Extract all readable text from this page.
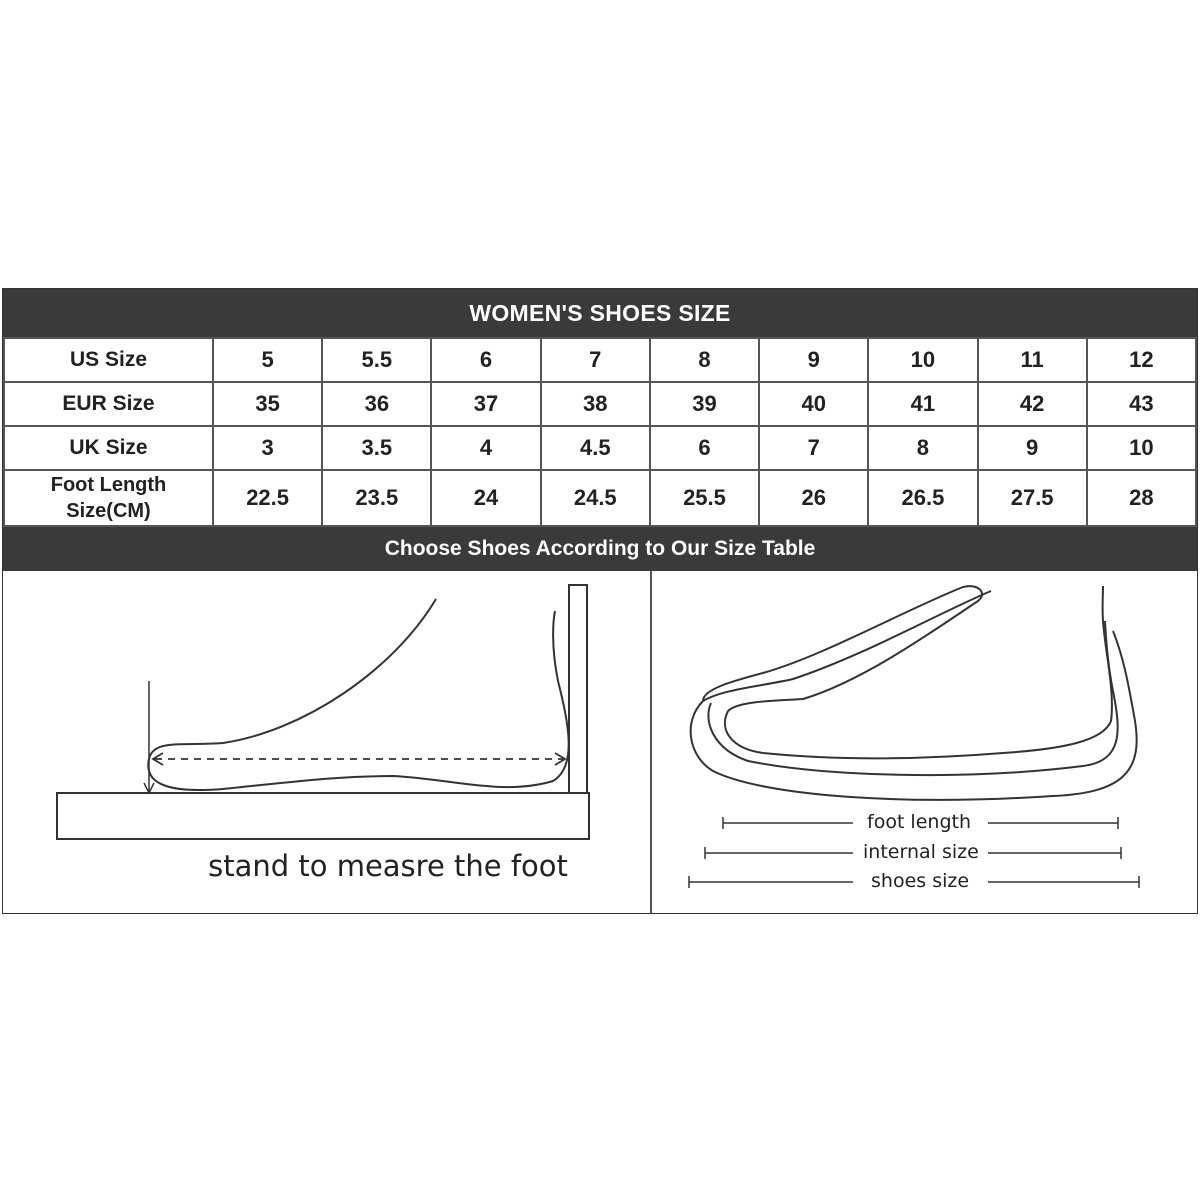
WOMEN'S SHOES SIZE
US Size	5	5.5	6	7	8	9	10	11	12
EUR Size	35	36	37	38	39	40	41	42	43
UK Size	3	3.5	4	4.5	6	7	8	9	10

Foot Length
Size(CM)	22.5	23.5	24	24.5	25.5	26	26.5	27.5	28
Choose Shoes According to Our Size Table
stand to measre the foot
foot length
internal size
shoes size
